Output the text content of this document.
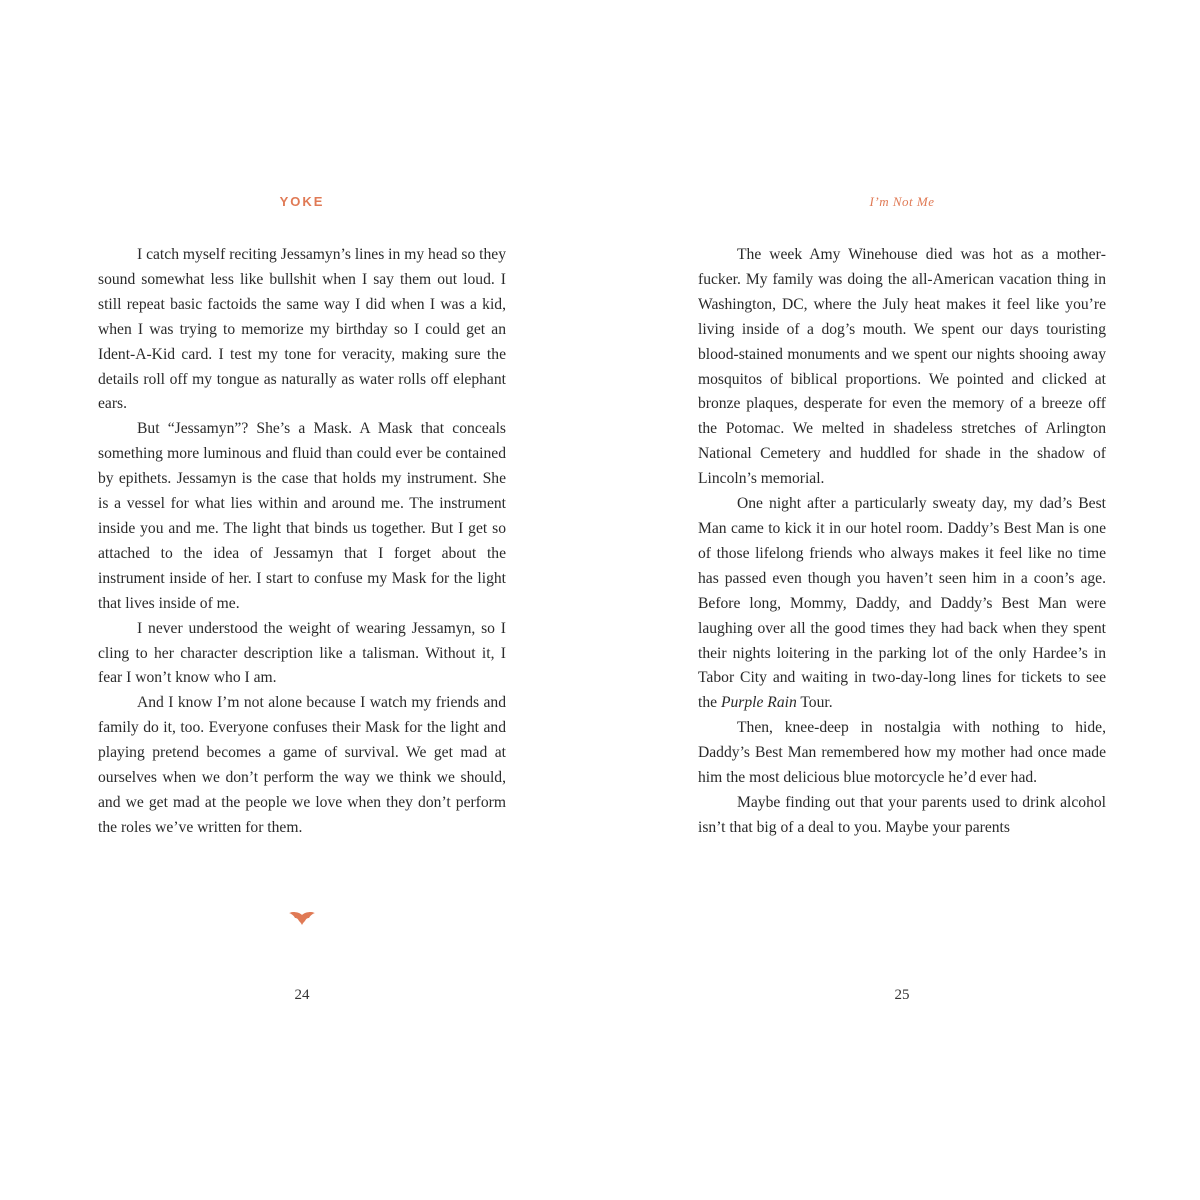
YOKE

I catch myself reciting Jessamyn’s lines in my head so they sound somewhat less like bullshit when I say them out loud. I still repeat basic factoids the same way I did when I was a kid, when I was trying to memorize my birthday so I could get an Ident-A-Kid card. I test my tone for veracity, making sure the details roll off my tongue as naturally as water rolls off elephant ears.

But “Jessamyn”? She’s a Mask. A Mask that conceals something more luminous and fluid than could ever be contained by epithets. Jessamyn is the case that holds my instrument. She is a vessel for what lies within and around me. The instrument inside you and me. The light that binds us together. But I get so attached to the idea of Jessamyn that I forget about the instrument inside of her. I start to confuse my Mask for the light that lives inside of me.

I never understood the weight of wearing Jessamyn, so I cling to her character description like a talisman. Without it, I fear I won’t know who I am.

And I know I’m not alone because I watch my friends and family do it, too. Everyone confuses their Mask for the light and playing pretend becomes a game of survival. We get mad at ourselves when we don’t perform the way we think we should, and we get mad at the people we love when they don’t perform the roles we’ve written for them.

24
I’m Not Me

The week Amy Winehouse died was hot as a motherfucker. My family was doing the all-American vacation thing in Washington, DC, where the July heat makes it feel like you’re living inside of a dog’s mouth. We spent our days touristing blood-stained monuments and we spent our nights shooing away mosquitos of biblical proportions. We pointed and clicked at bronze plaques, desperate for even the memory of a breeze off the Potomac. We melted in shadeless stretches of Arlington National Cemetery and huddled for shade in the shadow of Lincoln’s memorial.

One night after a particularly sweaty day, my dad’s Best Man came to kick it in our hotel room. Daddy’s Best Man is one of those lifelong friends who always makes it feel like no time has passed even though you haven’t seen him in a coon’s age. Before long, Mommy, Daddy, and Daddy’s Best Man were laughing over all the good times they had back when they spent their nights loitering in the parking lot of the only Hardee’s in Tabor City and waiting in two-day-long lines for tickets to see the Purple Rain Tour.

Then, knee-deep in nostalgia with nothing to hide, Daddy’s Best Man remembered how my mother had once made him the most delicious blue motorcycle he’d ever had.

Maybe finding out that your parents used to drink alcohol isn’t that big of a deal to you. Maybe your parents

25
